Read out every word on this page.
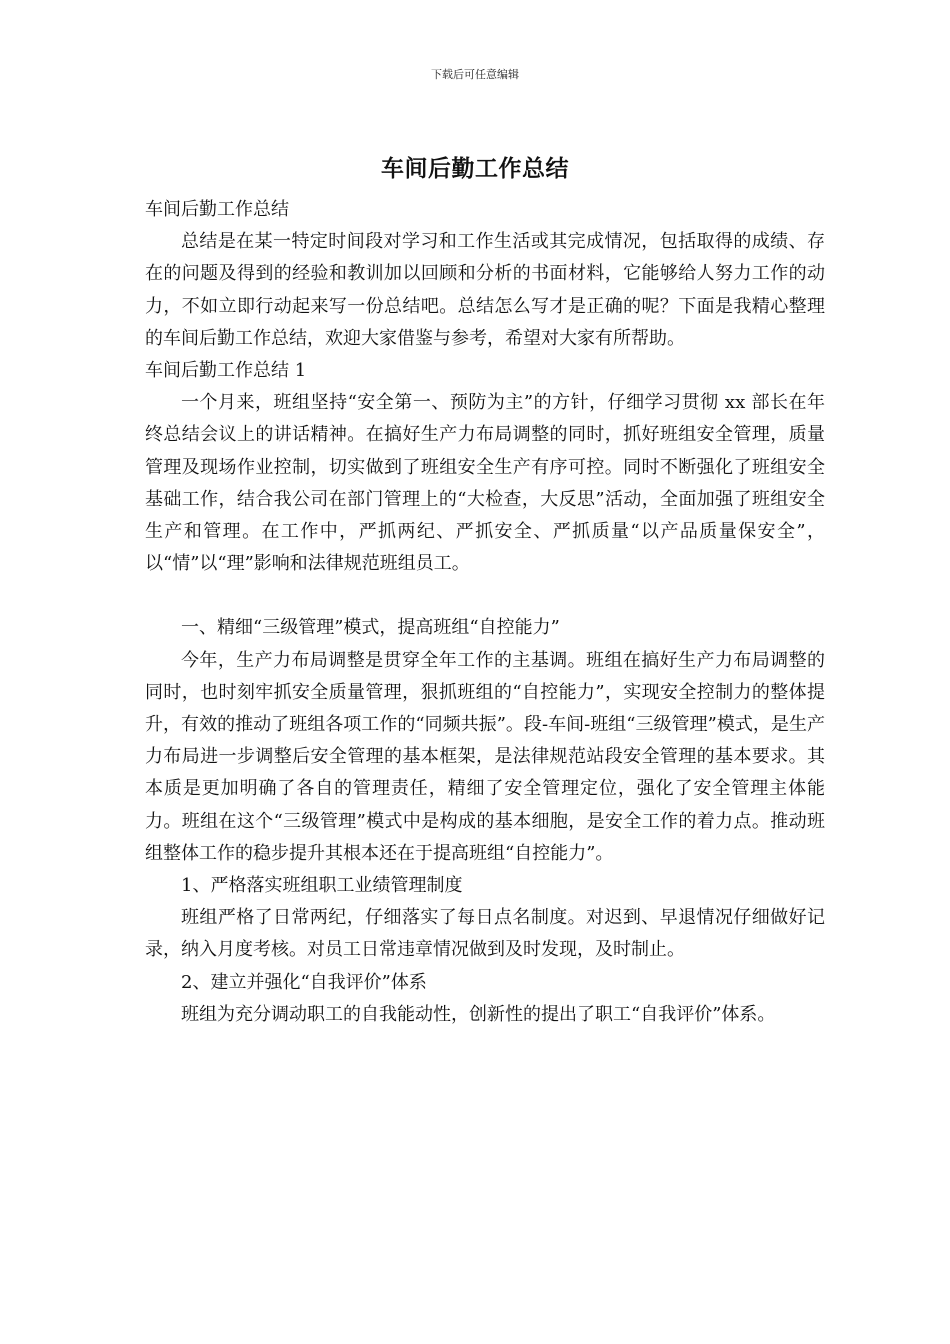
下载后可任意编辑
车间后勤工作总结

车间后勤工作总结

总结是在某一特定时间段对学习和工作生活或其完成情况，包括取得的成绩、存在的问题及得到的经验和教训加以回顾和分析的书面材料，它能够给人努力工作的动力，不如立即行动起来写一份总结吧。总结怎么写才是正确的呢？下面是我精心整理的车间后勤工作总结，欢迎大家借鉴与参考，希望对大家有所帮助。

车间后勤工作总结 1

一个月来，班组坚持“安全第一、预防为主”的方针，仔细学习贯彻 xx 部长在年终总结会议上的讲话精神。在搞好生产力布局调整的同时，抓好班组安全管理，质量管理及现场作业控制，切实做到了班组安全生产有序可控。同时不断强化了班组安全基础工作，结合我公司在部门管理上的“大检查，大反思”活动，全面加强了班组安全生产和管理。在工作中，严抓两纪、严抓安全、严抓质量“以产品质量保安全”，以“情”以“理”影响和法律规范班组员工。

一、精细“三级管理”模式，提高班组“自控能力”

今年，生产力布局调整是贯穿全年工作的主基调。班组在搞好生产力布局调整的同时，也时刻牢抓安全质量管理，狠抓班组的“自控能力”，实现安全控制力的整体提升，有效的推动了班组各项工作的“同频共振”。段-车间-班组“三级管理”模式，是生产力布局进一步调整后安全管理的基本框架，是法律规范站段安全管理的基本要求。其本质是更加明确了各自的管理责任，精细了安全管理定位，强化了安全管理主体能力。班组在这个“三级管理”模式中是构成的基本细胞，是安全工作的着力点。推动班组整体工作的稳步提升其根本还在于提高班组“自控能力”。

1、严格落实班组职工业绩管理制度

班组严格了日常两纪，仔细落实了每日点名制度。对迟到、早退情况仔细做好记录，纳入月度考核。对员工日常违章情况做到及时发现，及时制止。

2、建立并强化“自我评价”体系

班组为充分调动职工的自我能动性，创新性的提出了职工“自我评价”体系。
